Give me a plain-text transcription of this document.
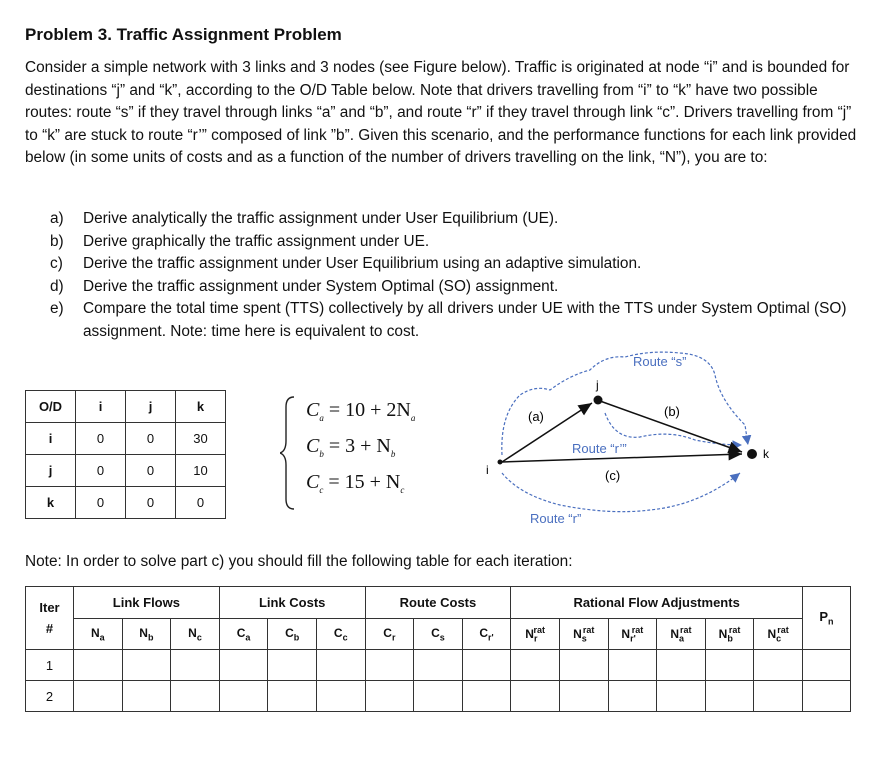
Problem 3. Traffic Assignment Problem
Consider a simple network with 3 links and 3 nodes (see Figure below). Traffic is originated at node “i” and is bounded for destinations “j” and “k”, according to the O/D Table below. Note that drivers travelling from “i” to “k” have two possible routes: route “s” if they travel through links “a” and “b”, and route “r” if they travel through link “c”. Drivers travelling from “j” to “k” are stuck to route “r’” composed of link ”b”. Given this scenario, and the performance functions for each link provided below (in some units of costs and as a function of the number of drivers travelling on the link, “N”), you are to:
a)	Derive analytically the traffic assignment under User Equilibrium (UE).
b)	Derive graphically the traffic assignment under UE.
c)	Derive the traffic assignment under User Equilibrium using an adaptive simulation.
d)	Derive the traffic assignment under System Optimal (SO) assignment.
e)	Compare the total time spent (TTS) collectively by all drivers under UE with the TTS under System Optimal (SO) assignment. Note: time here is equivalent to cost.
O/D	i	j	k
i	0	0	30
j	0	0	10
k	0	0	0
$C_a = 10 + 2N_a$
$C_b = 3 + N_b$
$C_c = 15 + N_c$
i
j
k
(a)	(b)
(c)
Route “s”
Route “r’”
Route “r”
Note: In order to solve part c) you should fill the following table for each iteration:
Iter
#	Link Flows			Link Costs			Route Costs			Rational Flow Adjustments						$P_n$
	$N_a$	$N_b$	$N_c$	$C_a$	$C_b$	$C_c$	$C_r$	$C_s$	$C_{r'}$	$N_r^{rat}$	$N_s^{rat}$	$N_{r'}^{rat}$	$N_a^{rat}$	$N_b^{rat}$	$N_c^{rat}$
1																
2																
